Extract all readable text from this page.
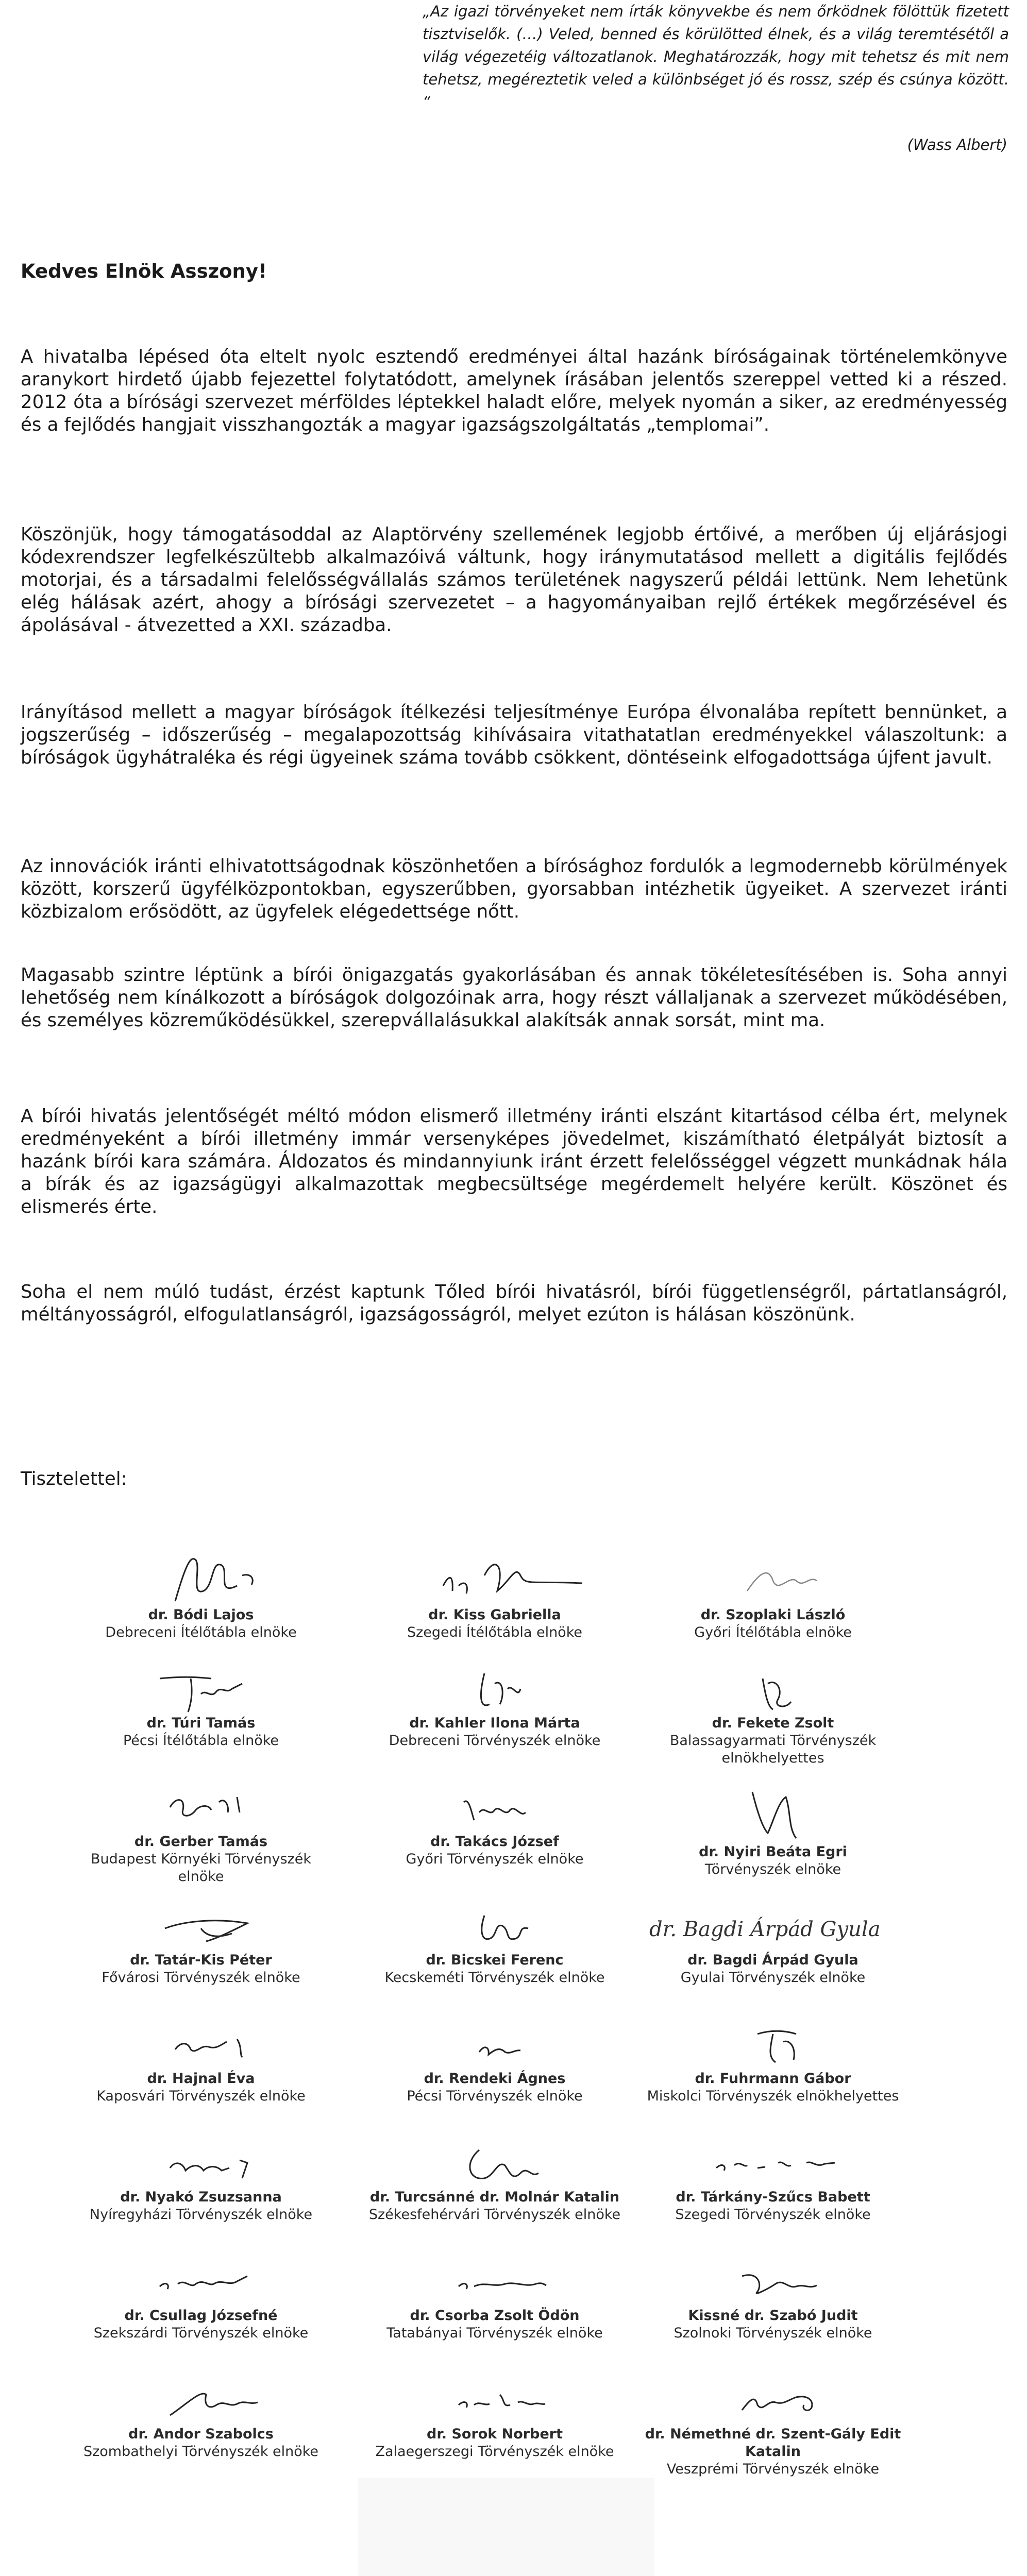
„Az igazi törvényeket nem írták könyvekbe és nem őrködnek fölöttük fizetett tisztviselők. (…) Veled, benned és körülötted élnek, és a világ teremtésétől a világ végezetéig változatlanok. Meghatározzák, hogy mit tehetsz és mit nem tehetsz, megéreztetik veled a különbséget jó és rossz, szép és csúnya között. “
(Wass Albert)
Kedves Elnök Asszony!
A hivatalba lépésed óta eltelt nyolc esztendő eredményei által hazánk bíróságainak történelemkönyve aranykort hirdető újabb fejezettel folytatódott, amelynek írásában jelentős szereppel vetted ki a részed. 2012 óta a bírósági szervezet mérföldes léptekkel haladt előre, melyek nyomán a siker, az eredményesség és a fejlődés hangjait visszhangozták a magyar igazságszolgáltatás „templomai”.
Köszönjük, hogy támogatásoddal az Alaptörvény szellemének legjobb értőivé, a merőben új eljárásjogi kódexrendszer legfelkészültebb alkalmazóivá váltunk, hogy iránymutatásod mellett a digitális fejlődés motorjai, és a társadalmi felelősségvállalás számos területének nagyszerű példái lettünk. Nem lehetünk elég hálásak azért, ahogy a bírósági szervezetet – a hagyományaiban rejlő értékek megőrzésével és ápolásával - átvezetted a XXI. századba.
Irányításod mellett a magyar bíróságok ítélkezési teljesítménye Európa élvonalába repített bennünket, a jogszerűség – időszerűség – megalapozottság kihívásaira vitathatatlan eredményekkel válaszoltunk: a bíróságok ügyhátraléka és régi ügyeinek száma tovább csökkent, döntéseink elfogadottsága újfent javult.
Az innovációk iránti elhivatottságodnak köszönhetően a bírósághoz fordulók a legmodernebb körülmények között, korszerű ügyfélközpontokban, egyszerűbben, gyorsabban intézhetik ügyeiket. A szervezet iránti közbizalom erősödött, az ügyfelek elégedettsége nőtt.
Magasabb szintre léptünk a bírói önigazgatás gyakorlásában és annak tökéletesítésében is. Soha annyi lehetőség nem kínálkozott a bíróságok dolgozóinak arra, hogy részt vállaljanak a szervezet működésében, és személyes közreműködésükkel, szerepvállalásukkal alakítsák annak sorsát, mint ma.
A bírói hivatás jelentőségét méltó módon elismerő illetmény iránti elszánt kitartásod célba ért, melynek eredményeként a bírói illetmény immár versenyképes jövedelmet, kiszámítható életpályát biztosít a hazánk bírói kara számára. Áldozatos és mindannyiunk iránt érzett felelősséggel végzett munkádnak hála a bírák és az igazságügyi alkalmazottak megbecsültsége megérdemelt helyére került. Köszönet és elismerés érte.
Soha el nem múló tudást, érzést kaptunk Tőled bírói hivatásról, bírói függetlenségről, pártatlanságról, méltányosságról, elfogulatlanságról, igazságosságról, melyet ezúton is hálásan köszönünk.
Tisztelettel:
dr. Bódi Lajos
Debreceni Ítélőtábla elnöke
dr. Kiss Gabriella
Szegedi Ítélőtábla elnöke
dr. Szoplaki László
Győri Ítélőtábla elnöke
dr. Túri Tamás
Pécsi Ítélőtábla elnöke
dr. Kahler Ilona Márta
Debreceni Törvényszék elnöke
dr. Fekete Zsolt
Balassagyarmati Törvényszék elnökhelyettes
dr. Gerber Tamás
Budapest Környéki Törvényszék elnöke
dr. Takács József
Győri Törvényszék elnöke	dr. Nyiri Beáta Egri
Törvényszék elnöke
dr. Tatár-Kis Péter
Fővárosi Törvényszék elnöke
dr. Bicskei Ferenc
Kecskeméti Törvényszék elnöke
dr. Bagdi Árpád Gyula
dr. Bagdi Árpád Gyula
Gyulai Törvényszék elnöke
dr. Hajnal Éva
Kaposvári Törvényszék elnöke
dr. Rendeki Ágnes
Pécsi Törvényszék elnöke
dr. Fuhrmann Gábor
Miskolci Törvényszék elnökhelyettes
dr. Nyakó Zsuzsanna
Nyíregyházi Törvényszék elnöke
dr. Turcsánné dr. Molnár Katalin
Székesfehérvári Törvényszék elnöke
dr. Tárkány-Szűcs Babett
Szegedi Törvényszék elnöke
dr. Csullag Józsefné
Szekszárdi Törvényszék elnöke
dr. Csorba Zsolt Ödön
Tatabányai Törvényszék elnöke
Kissné dr. Szabó Judit
Szolnoki Törvényszék elnöke
dr. Andor Szabolcs
Szombathelyi Törvényszék elnöke
dr. Sorok Norbert
Zalaegerszegi Törvényszék elnöke
dr. Némethné dr. Szent-Gály Edit Katalin
Veszprémi Törvényszék elnöke
